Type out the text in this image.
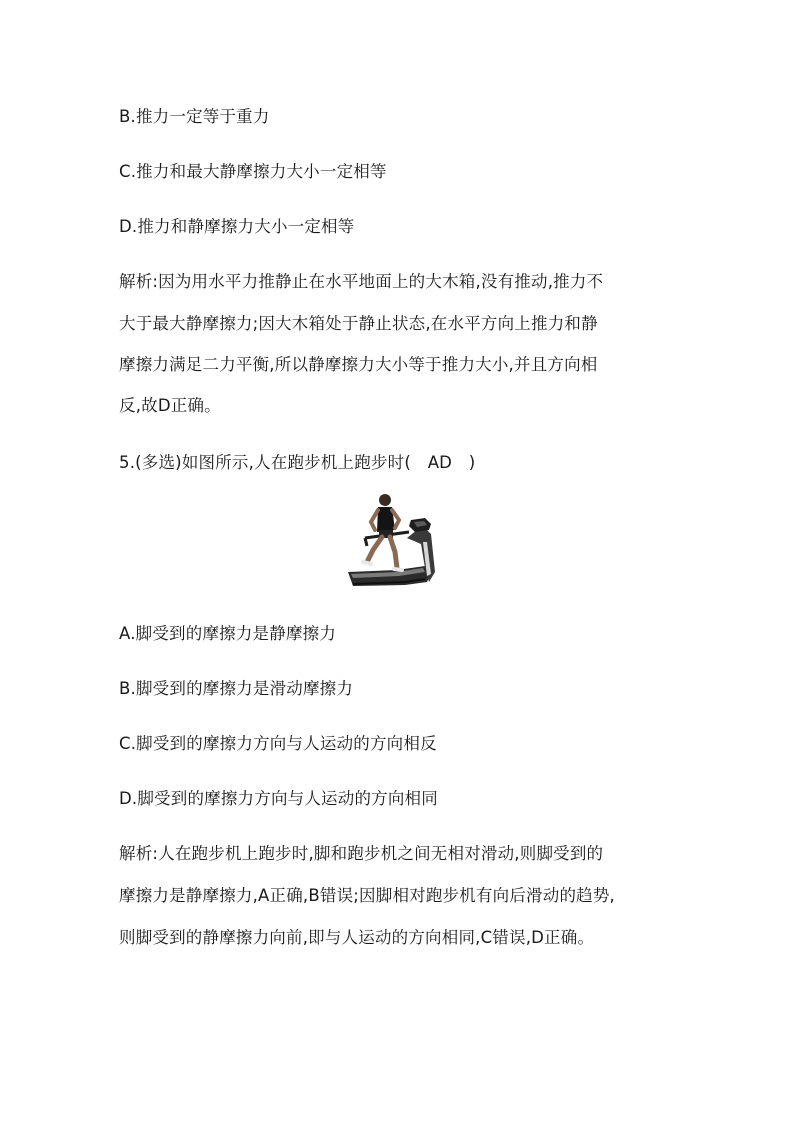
B.推力一定等于重力
C.推力和最大静摩擦力大小一定相等
D.推力和静摩擦力大小一定相等
解析:因为用水平力推静止在水平地面上的大木箱,没有推动,推力不
大于最大静摩擦力;因大木箱处于静止状态,在水平方向上推力和静
摩擦力满足二力平衡,所以静摩擦力大小等于推力大小,并且方向相
反,故D正确。
5.(多选)如图所示,人在跑步机上跑步时( AD )
A.脚受到的摩擦力是静摩擦力
B.脚受到的摩擦力是滑动摩擦力
C.脚受到的摩擦力方向与人运动的方向相反
D.脚受到的摩擦力方向与人运动的方向相同
解析:人在跑步机上跑步时,脚和跑步机之间无相对滑动,则脚受到的
摩擦力是静摩擦力,A正确,B错误;因脚相对跑步机有向后滑动的趋势,
则脚受到的静摩擦力向前,即与人运动的方向相同,C错误,D正确。
